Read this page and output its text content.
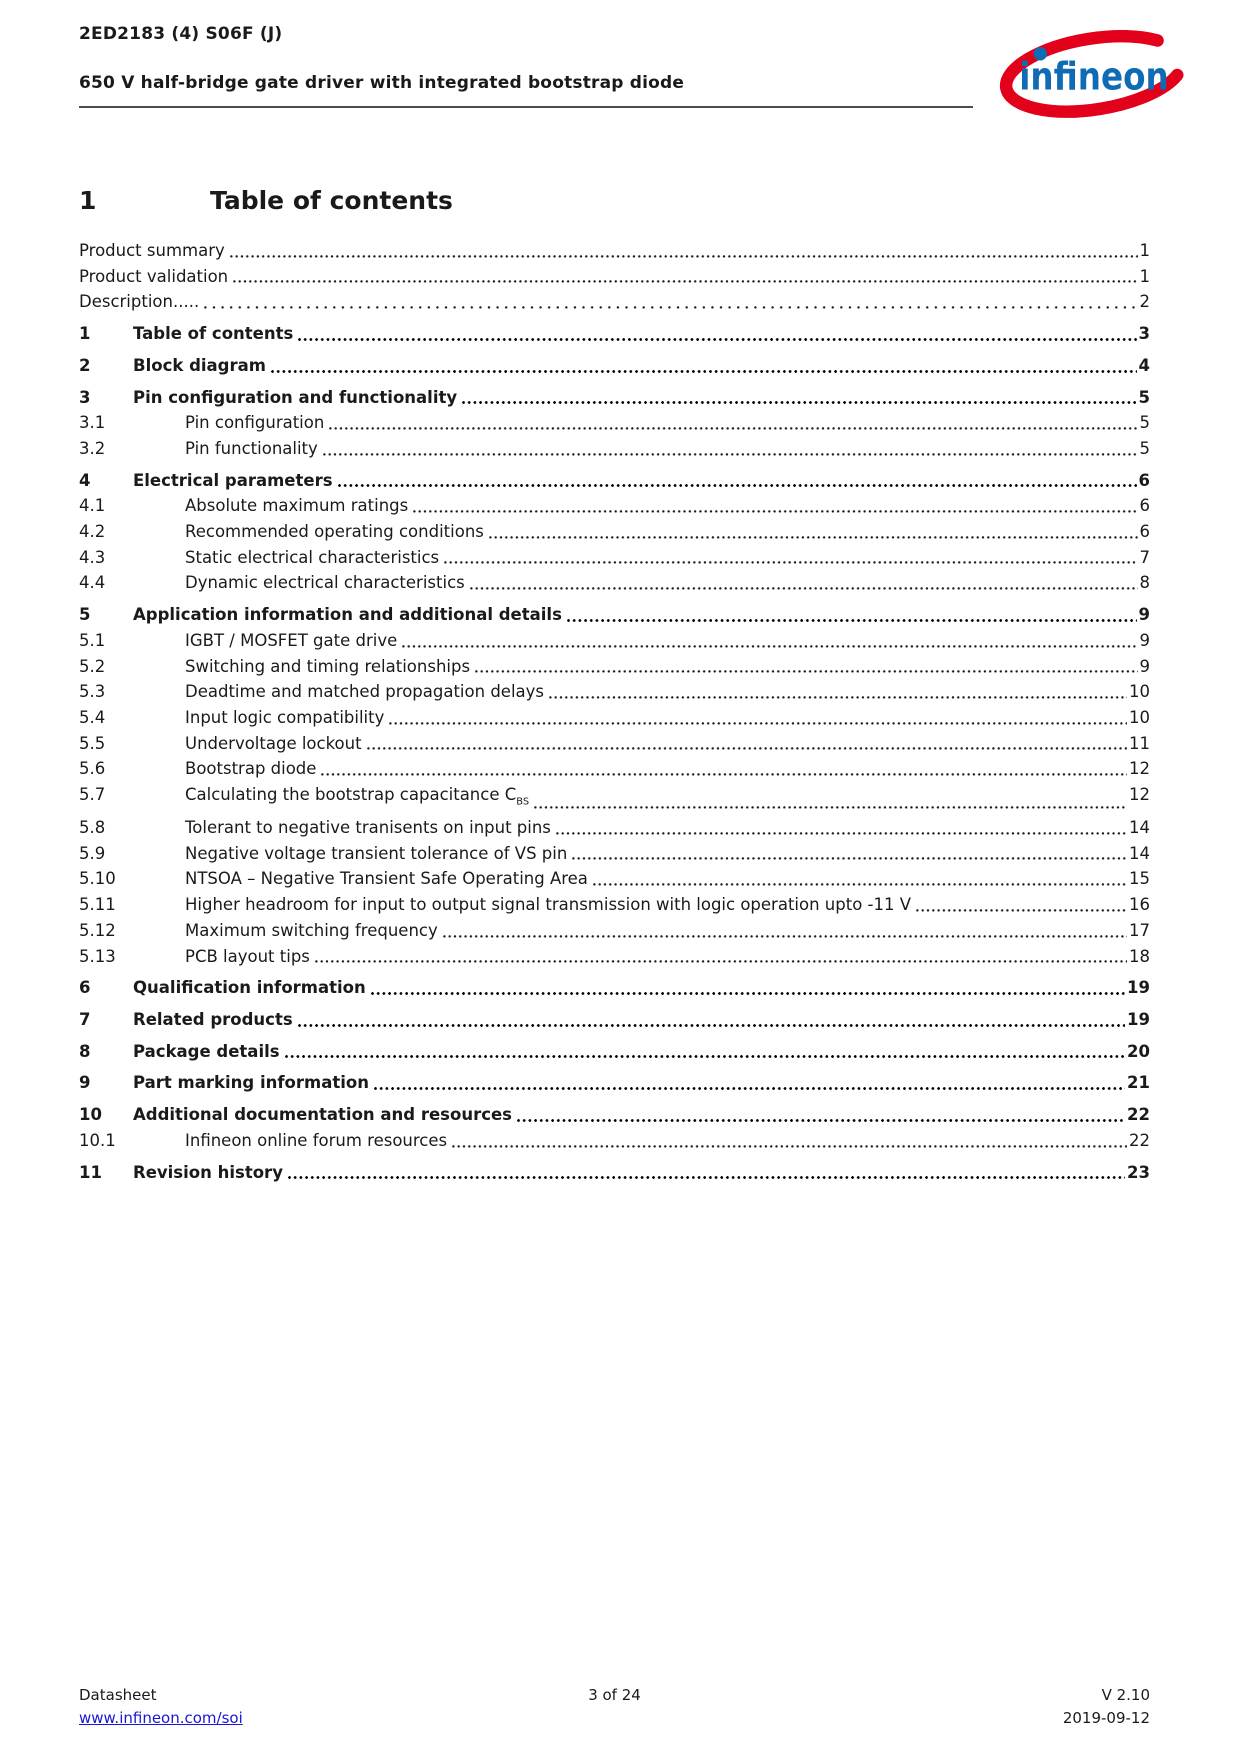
2ED2183 (4) S06F (J)
650 V half-bridge gate driver with integrated bootstrap diode	infineon
1	Table of contents
Product summary	1
Product validation	1
Description.....	2
1	Table of contents	3
2	Block diagram	4
3	Pin configuration and functionality	5
3.1	Pin configuration	5
3.2	Pin functionality	5
4	Electrical parameters	6
4.1	Absolute maximum ratings	6
4.2	Recommended operating conditions	6
4.3	Static electrical characteristics	7
4.4	Dynamic electrical characteristics	8
5	Application information and additional details	9
5.1	IGBT / MOSFET gate drive	9
5.2	Switching and timing relationships	9
5.3	Deadtime and matched propagation delays	10
5.4	Input logic compatibility	10
5.5	Undervoltage lockout	11
5.6	Bootstrap diode	12
5.7	Calculating the bootstrap capacitance $C_{BS}$	12
5.8	Tolerant to negative tranisents on input pins	14
5.9	Negative voltage transient tolerance of VS pin	14
5.10	NTSOA – Negative Transient Safe Operating Area	15
5.11	Higher headroom for input to output signal transmission with logic operation upto -11 V	16
5.12	Maximum switching frequency	17
5.13	PCB layout tips	18
6	Qualification information	19
7	Related products	19
8	Package details	20
9	Part marking information	21
10	Additional documentation and resources	22
10.1	Infineon online forum resources	22
11	Revision history	23
Datasheet
www.infineon.com/soi
3 of 24	V 2.10
2019-09-12
